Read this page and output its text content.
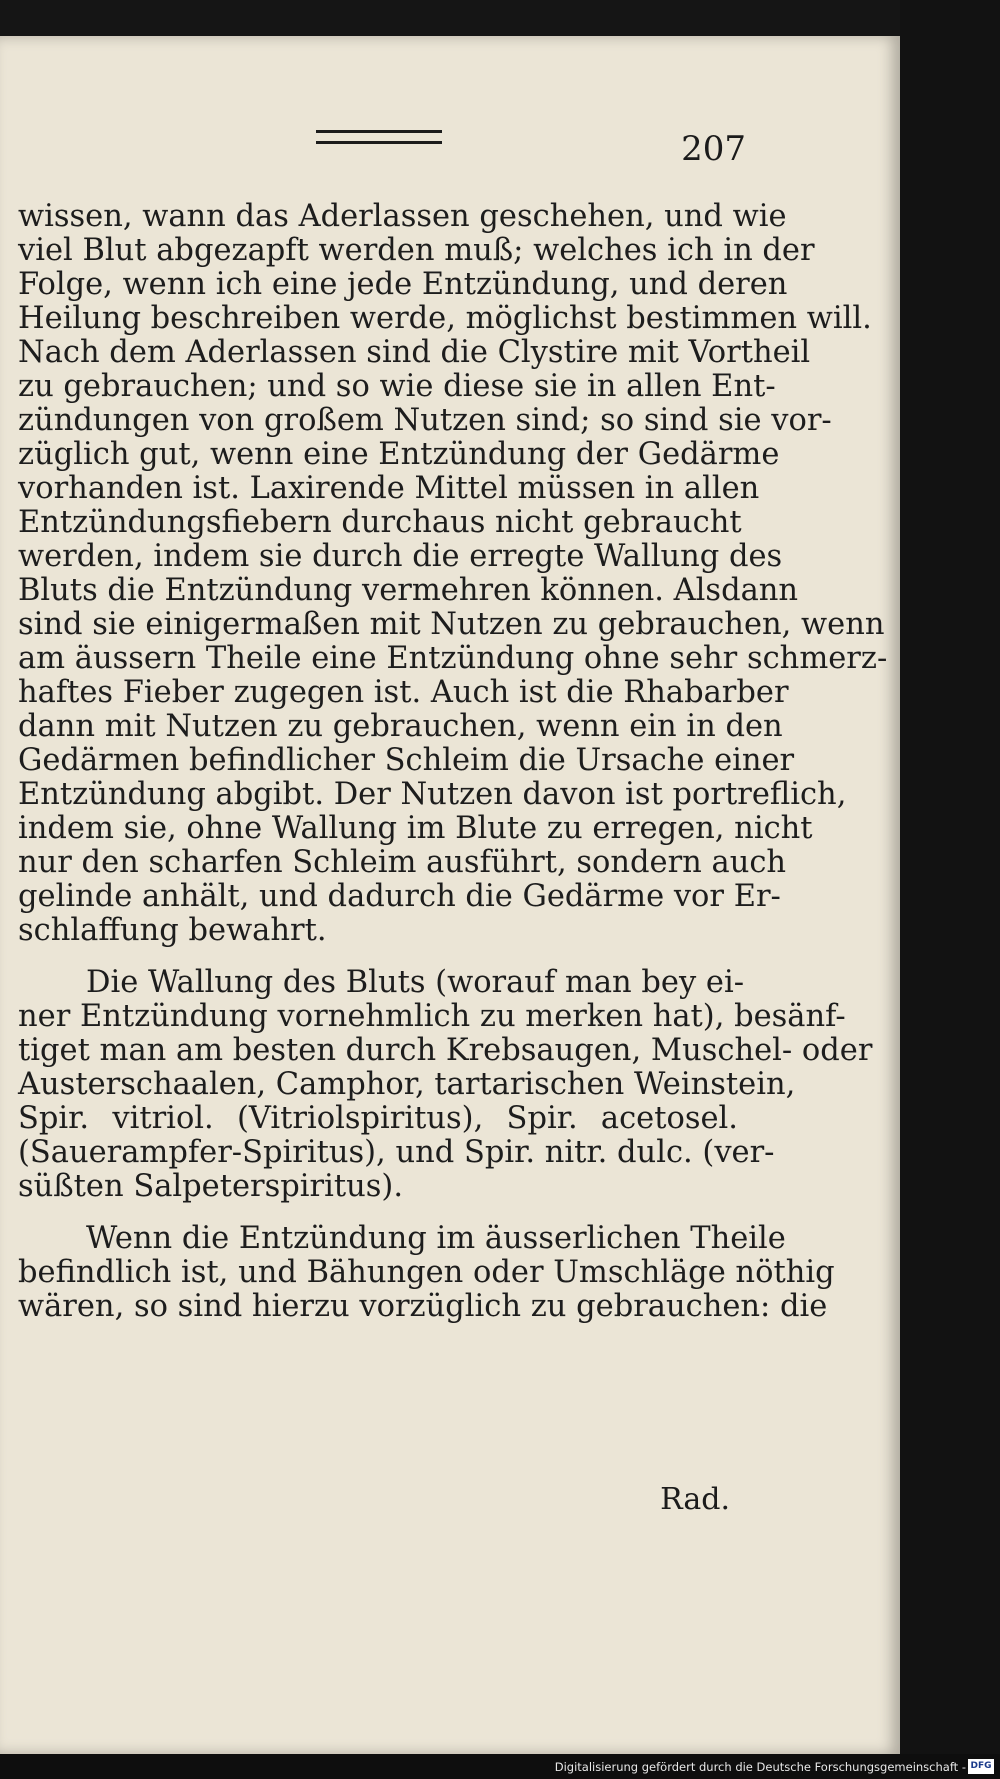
207
wissen, wann das Aderlassen geschehen, und wie
viel Blut abgezapft werden muß; welches ich in der
Folge, wenn ich eine jede Entzündung, und deren
Heilung beschreiben werde, möglichst bestimmen will.
Nach dem Aderlassen sind die Clystire mit Vortheil
zu gebrauchen; und so wie diese sie in allen Ent-
zündungen von großem Nutzen sind; so sind sie vor-
züglich gut, wenn eine Entzündung der Gedärme
vorhanden ist. Laxirende Mittel müssen in allen
Entzündungsfiebern durchaus nicht gebraucht
werden, indem sie durch die erregte Wallung des
Bluts die Entzündung vermehren können. Alsdann
sind sie einigermaßen mit Nutzen zu gebrauchen, wenn
am äussern Theile eine Entzündung ohne sehr schmerz-
haftes Fieber zugegen ist. Auch ist die Rhabarber
dann mit Nutzen zu gebrauchen, wenn ein in den
Gedärmen befindlicher Schleim die Ursache einer
Entzündung abgibt. Der Nutzen davon ist portreflich,
indem sie, ohne Wallung im Blute zu erregen, nicht
nur den scharfen Schleim ausführt, sondern auch
gelinde anhält, und dadurch die Gedärme vor Er-
schlaffung bewahrt.
Die Wallung des Bluts (worauf man bey ei-
ner Entzündung vornehmlich zu merken hat), besänf-
tiget man am besten durch Krebsaugen, Muschel- oder
Austerschaalen, Camphor, tartarischen Weinstein,
Spir. vitriol. (Vitriolspiritus), Spir. acetosel.
(Sauerampfer-Spiritus), und Spir. nitr. dulc. (ver-
süßten Salpeterspiritus).
Wenn die Entzündung im äusserlichen Theile
befindlich ist, und Bähungen oder Umschläge nöthig
wären, so sind hierzu vorzüglich zu gebrauchen: die
Rad.
Digitalisierung gefördert durch die Deutsche Forschungsgemeinschaft - DFG
